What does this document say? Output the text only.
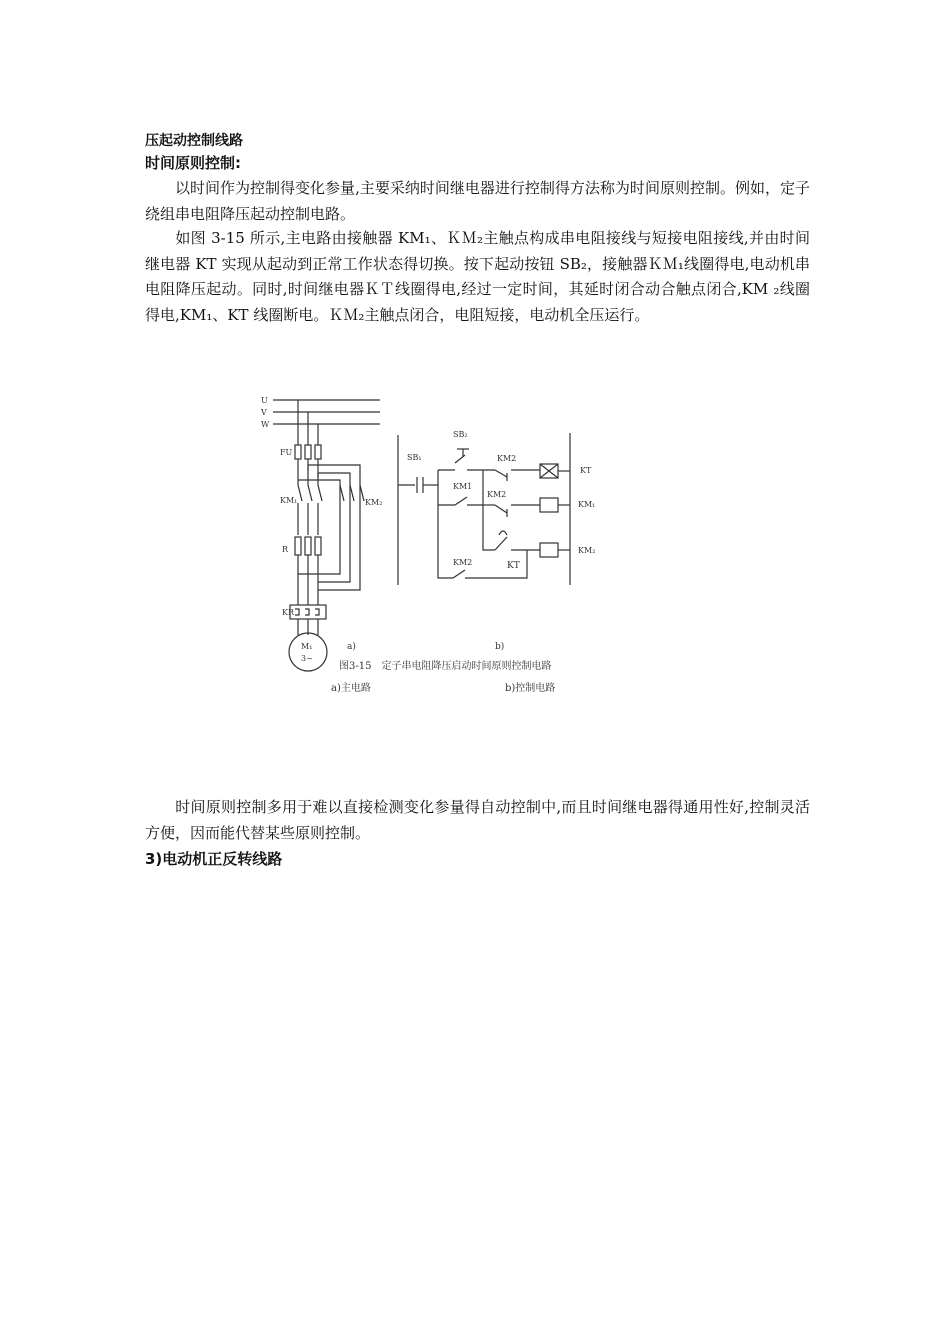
压起动控制线路
时间原则控制:
以时间作为控制得变化参量,主要采纳时间继电器进行控制得方法称为时间原则控制。例如，定子绕组串电阻降压起动控制电路。
如图 3-15 所示,主电路由接触器 KM₁、ＫＭ₂主触点构成串电阻接线与短接电阻接线,并由时间继电器 KT 实现从起动到正常工作状态得切换。按下起动按钮 SB₂，接触器ＫＭ₁线圈得电,电动机串电阻降压起动。同时,时间继电器ＫＴ线圈得电,经过一定时间，其延时闭合动合触点闭合,KM ₂线圈得电,KM₁、KT 线圈断电。ＫＭ₂主触点闭合，电阻短接，电动机全压运行。
U
V
W
FU
KM₁	KM₂
R
KR
M₁
3~
a)
SB₁
SB₂
KM1
KM2
KM2
KM2	KT
KT
KM₁
KM₂
b)
图3-15　定子串电阻降压启动时间原则控制电路
a)主电路	b)控制电路
时间原则控制多用于难以直接检测变化参量得自动控制中,而且时间继电器得通用性好,控制灵活方便，因而能代替某些原则控制。
3)电动机正反转线路
